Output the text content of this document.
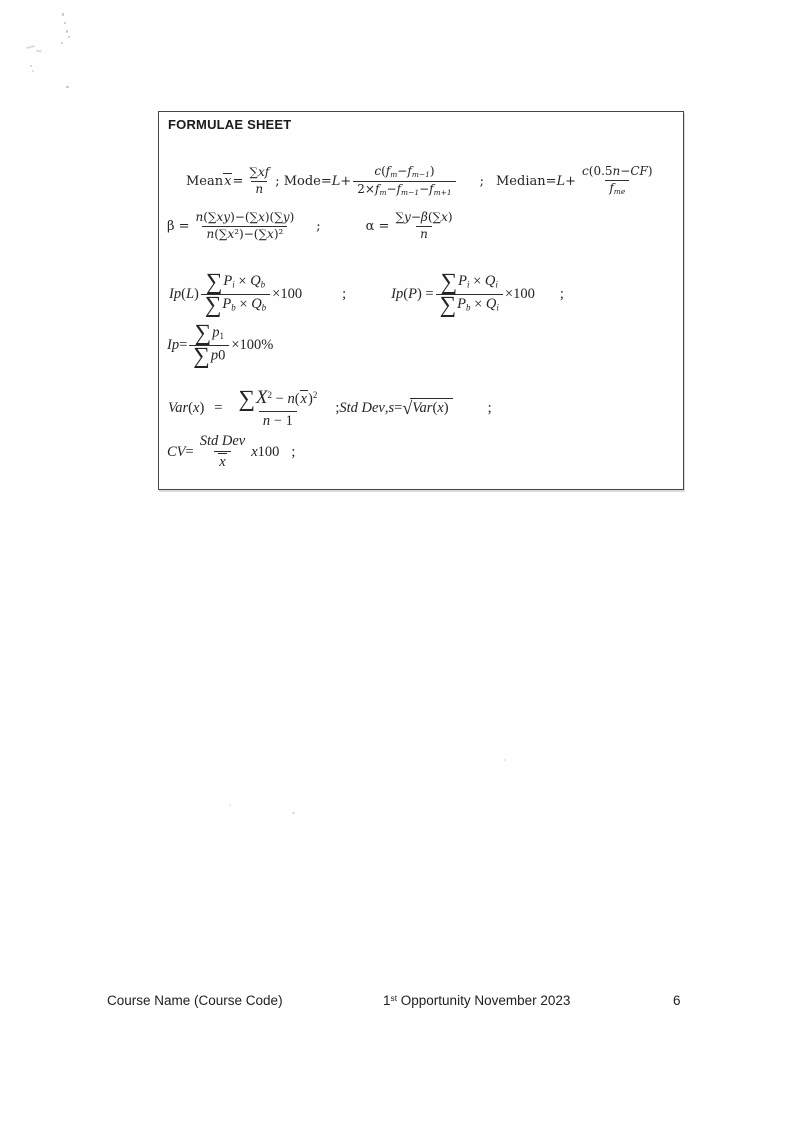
FORMULAE SHEET
Mean x =
∑xf
n ; Mode= L +
$c(f_m-f_{m-1})$
$2\times f_m-f_{m-1}-f_{m+1}$
; Median= L +
c(0.5n−CF)
$f_{me}$
β =
n(∑xy)−(∑x)(∑y)
n(∑x²)−(∑x)²	;	α =
∑y−β(∑x)
n
Ip ( L ) $\sum P_i \times Q_b$
$\sum P_b \times Q_b$
×100	;	Ip ( P ) = $\sum P_i \times Q_i$
$\sum P_b \times Q_i$
×100 ;
$Ip = \sum p_1$
∑p0
×100%
Var ( x ) = $\sum X^2 - n(x)^2$
n − 1
; Std Dev , s = √Var(x)	;
CV =
Std Dev
x
x 100 ;
Course Name (Course Code)	1st Opportunity November 2023	6
